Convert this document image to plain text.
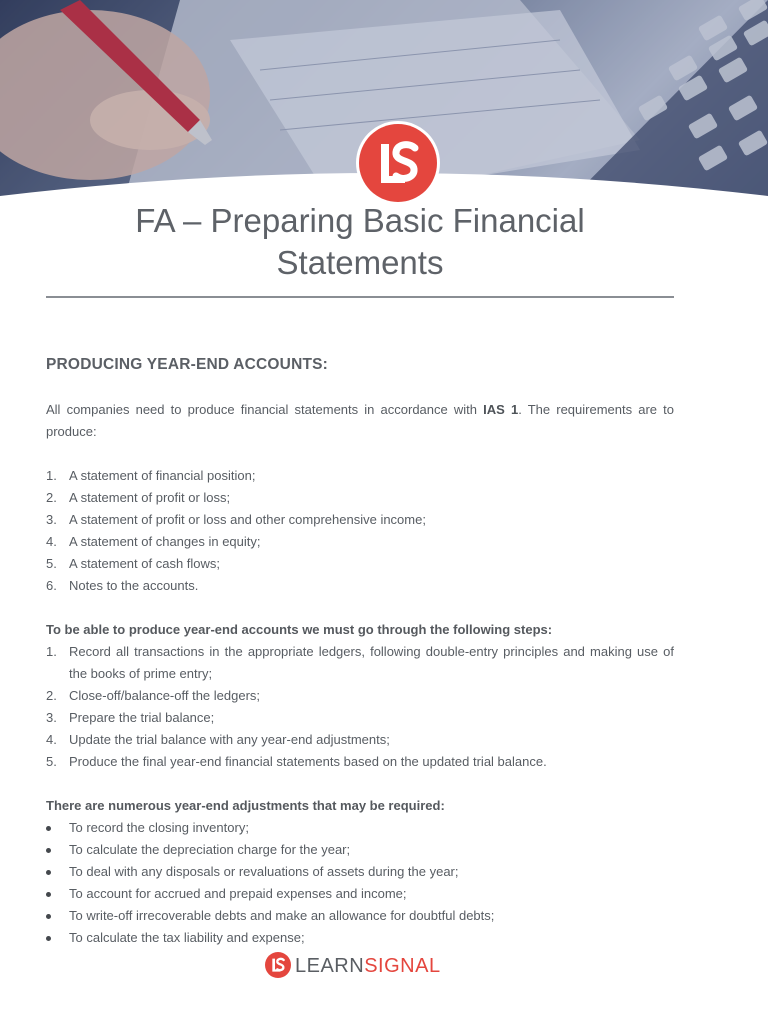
FA – Preparing Basic Financial
Statements
PRODUCING YEAR-END ACCOUNTS:

All companies need to produce financial statements in accordance with IAS 1. The requirements are to produce:

1. A statement of financial position;
2. A statement of profit or loss;
3. A statement of profit or loss and other comprehensive income;
4. A statement of changes in equity;
5. A statement of cash flows;
6. Notes to the accounts.
To be able to produce year-end accounts we must go through the following steps:
1. Record all transactions in the appropriate ledgers, following double-entry principles and making use of the books of prime entry;
2. Close-off/balance-off the ledgers;
3. Prepare the trial balance;
4. Update the trial balance with any year-end adjustments;
5. Produce the final year-end financial statements based on the updated trial balance.
There are numerous year-end adjustments that may be required:
To record the closing inventory;
To calculate the depreciation charge for the year;
To deal with any disposals or revaluations of assets during the year;
To account for accrued and prepaid expenses and income;
To write-off irrecoverable debts and make an allowance for doubtful debts;
To calculate the tax liability and expense;
LEARNSIGNAL
